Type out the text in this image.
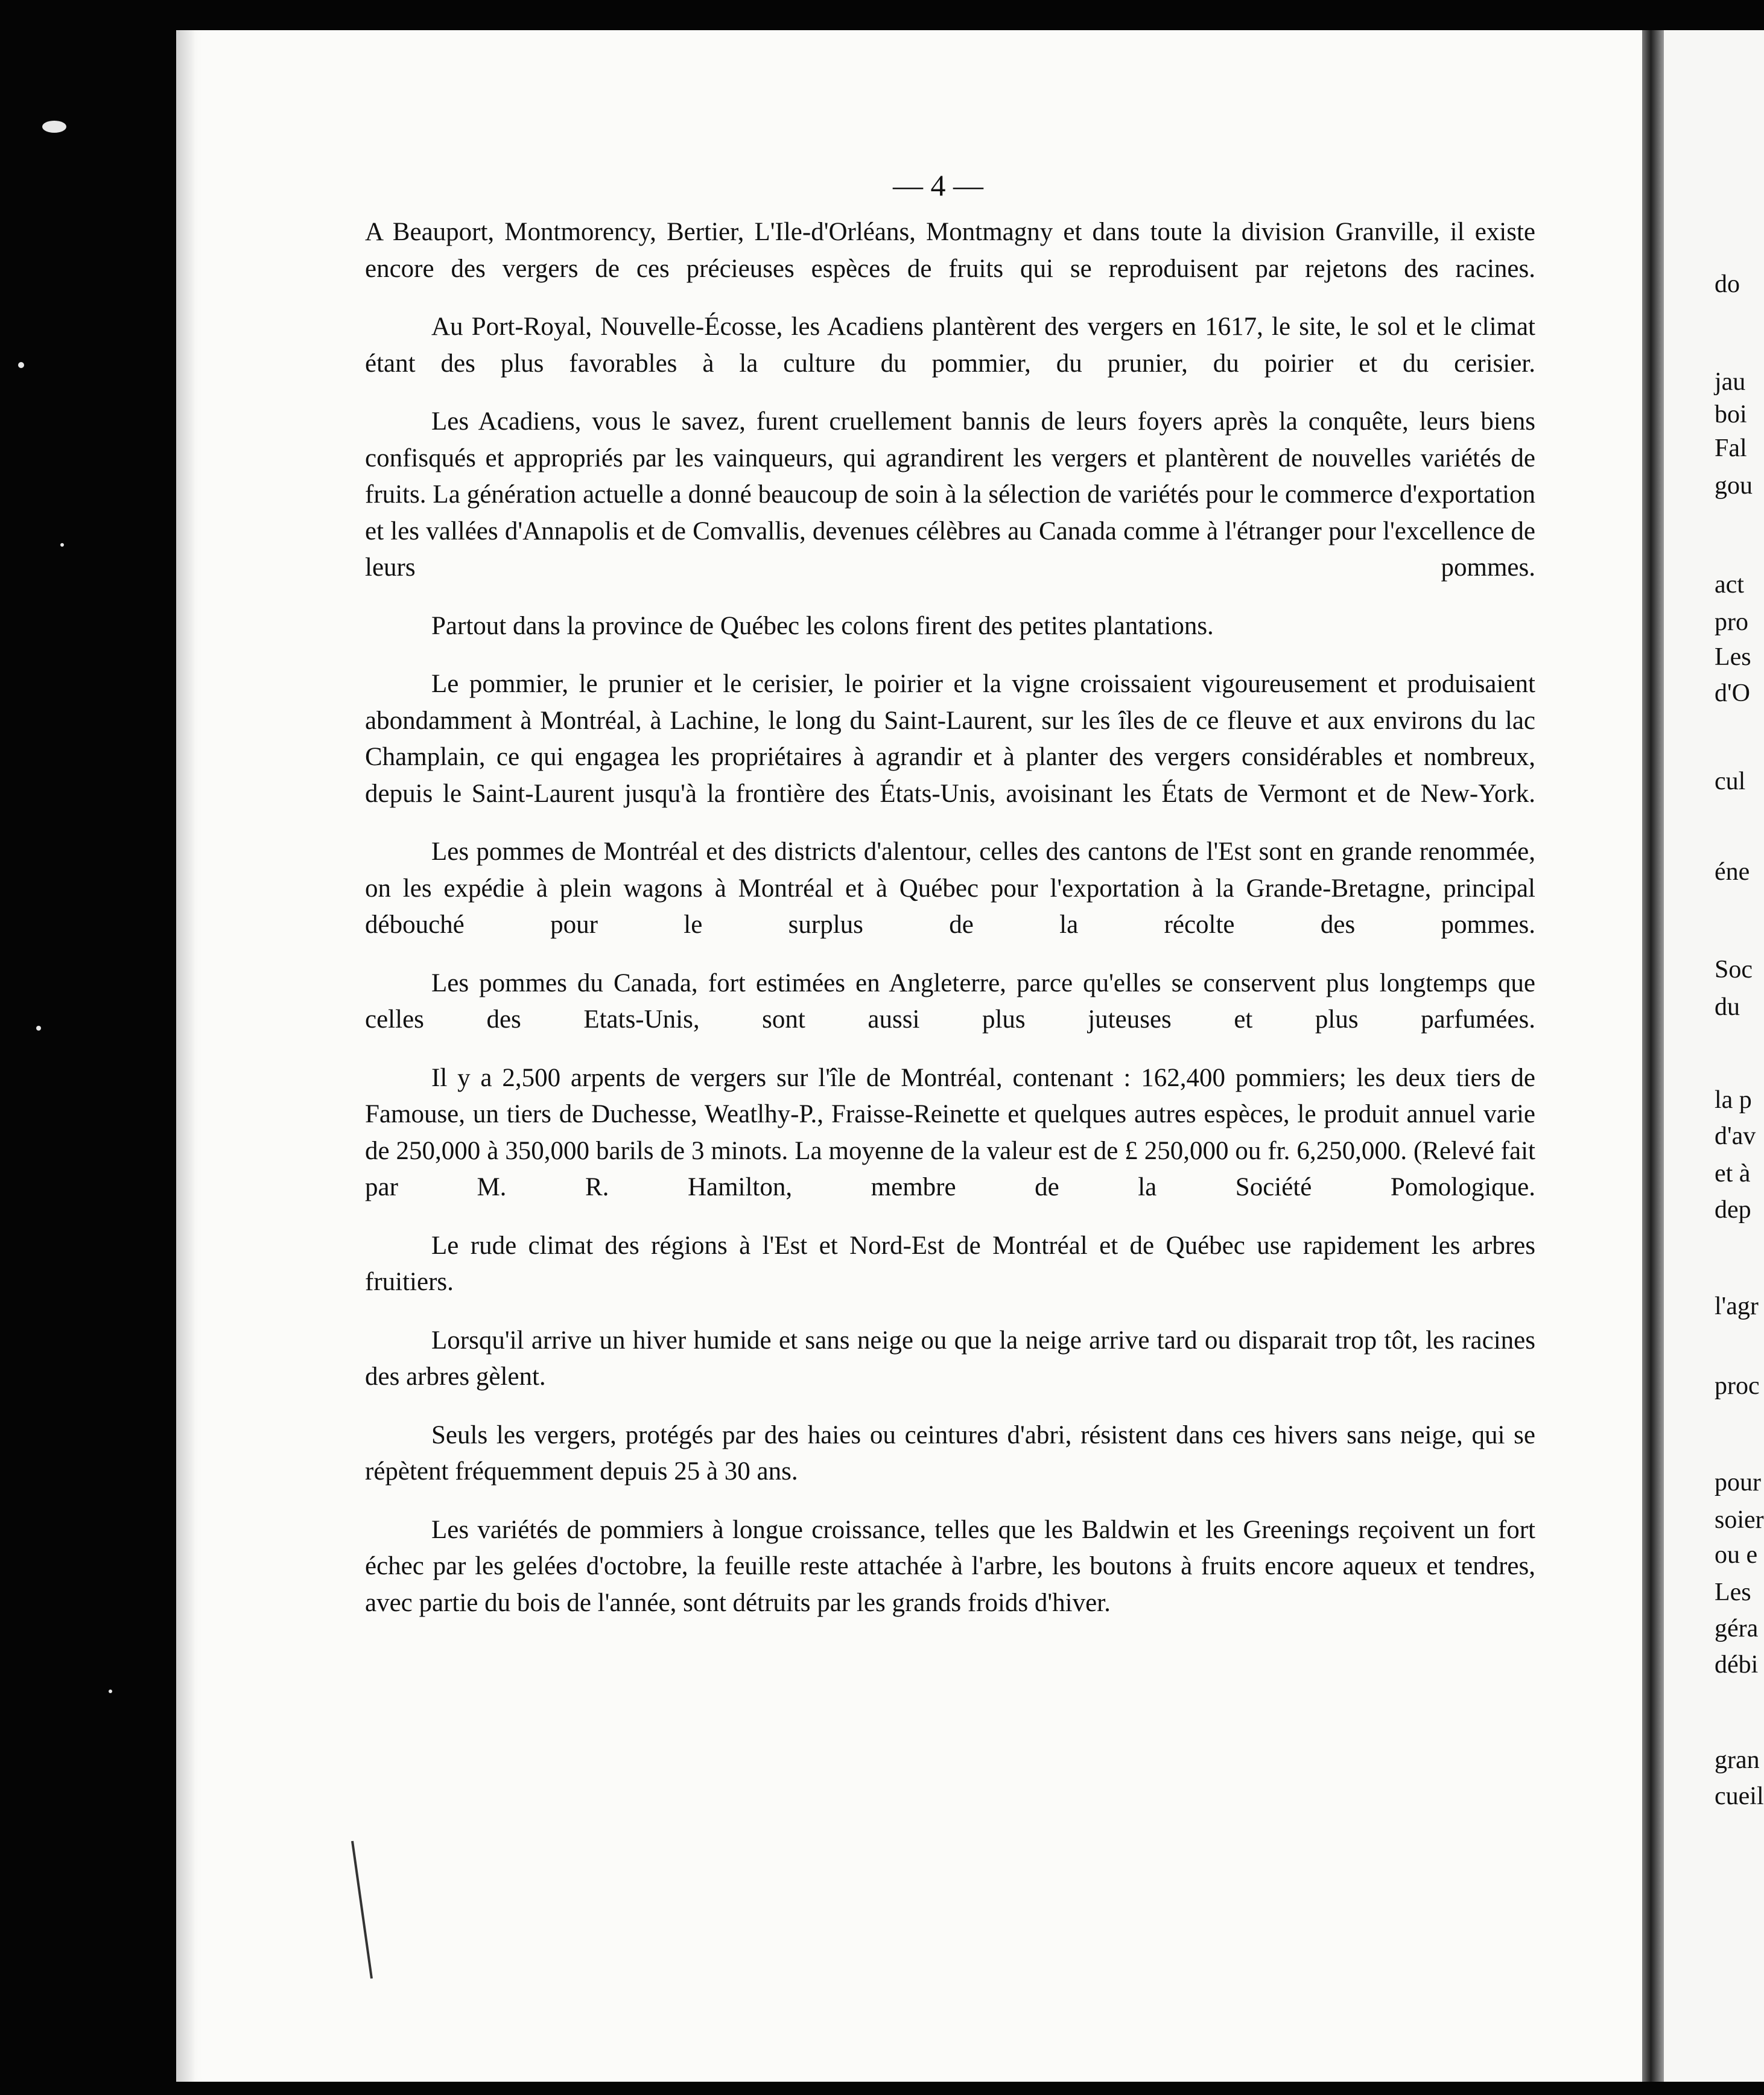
— 4 —

A Beauport, Montmorency, Bertier, L'Ile-d'Orléans, Montmagny et dans toute la division Granville, il existe encore des vergers de ces précieuses espèces de fruits qui se reproduisent par rejetons des racines.

Au Port-Royal, Nouvelle-Écosse, les Acadiens plantèrent des vergers en 1617, le site, le sol et le climat étant des plus favorables à la culture du pommier, du prunier, du poirier et du cerisier.

Les Acadiens, vous le savez, furent cruellement bannis de leurs foyers après la conquête, leurs biens confisqués et appropriés par les vainqueurs, qui agrandirent les vergers et plantèrent de nouvelles variétés de fruits. La génération actuelle a donné beaucoup de soin à la sélection de variétés pour le commerce d'exportation et les vallées d'Annapolis et de Comvallis, devenues célèbres au Canada comme à l'étranger pour l'excellence de leurs pommes.

Partout dans la province de Québec les colons firent des petites plantations.

Le pommier, le prunier et le cerisier, le poirier et la vigne croissaient vigoureusement et produisaient abondamment à Montréal, à Lachine, le long du Saint-Laurent, sur les îles de ce fleuve et aux environs du lac Champlain, ce qui engagea les propriétaires à agrandir et à planter des vergers considérables et nombreux, depuis le Saint-Laurent jusqu'à la frontière des États-Unis, avoisinant les États de Vermont et de New-York.

Les pommes de Montréal et des districts d'alentour, celles des cantons de l'Est sont en grande renommée, on les expédie à plein wagons à Montréal et à Québec pour l'exportation à la Grande-Bretagne, principal débouché pour le surplus de la récolte des pommes.

Les pommes du Canada, fort estimées en Angleterre, parce qu'elles se conservent plus longtemps que celles des Etats-Unis, sont aussi plus juteuses et plus parfumées.

Il y a 2,500 arpents de vergers sur l'île de Montréal, contenant : 162,400 pommiers; les deux tiers de Famouse, un tiers de Duchesse, Weatlhy-P., Fraisse-Reinette et quelques autres espèces, le produit annuel varie de 250,000 à 350,000 barils de 3 minots. La moyenne de la valeur est de £ 250,000 ou fr. 6,250,000. (Relevé fait par M. R. Hamilton, membre de la Société Pomologique.

Le rude climat des régions à l'Est et Nord-Est de Montréal et de Québec use rapidement les arbres fruitiers.

Lorsqu'il arrive un hiver humide et sans neige ou que la neige arrive tard ou disparait trop tôt, les racines des arbres gèlent.

Seuls les vergers, protégés par des haies ou ceintures d'abri, résistent dans ces hivers sans neige, qui se répètent fréquemment depuis 25 à 30 ans.

Les variétés de pommiers à longue croissance, telles que les Baldwin et les Greenings reçoivent un fort échec par les gelées d'octobre, la feuille reste attachée à l'arbre, les boutons à fruits encore aqueux et tendres, avec partie du bois de l'année, sont détruits par les grands froids d'hiver.

do
jau
boi
Fal
gou
act
pro
Les
d'O
cul
éne
Soc
du
la p
d'av
et à
dep
l'agr
proc
pour
soier
ou e
Les
géra
débi
gran
cueil
